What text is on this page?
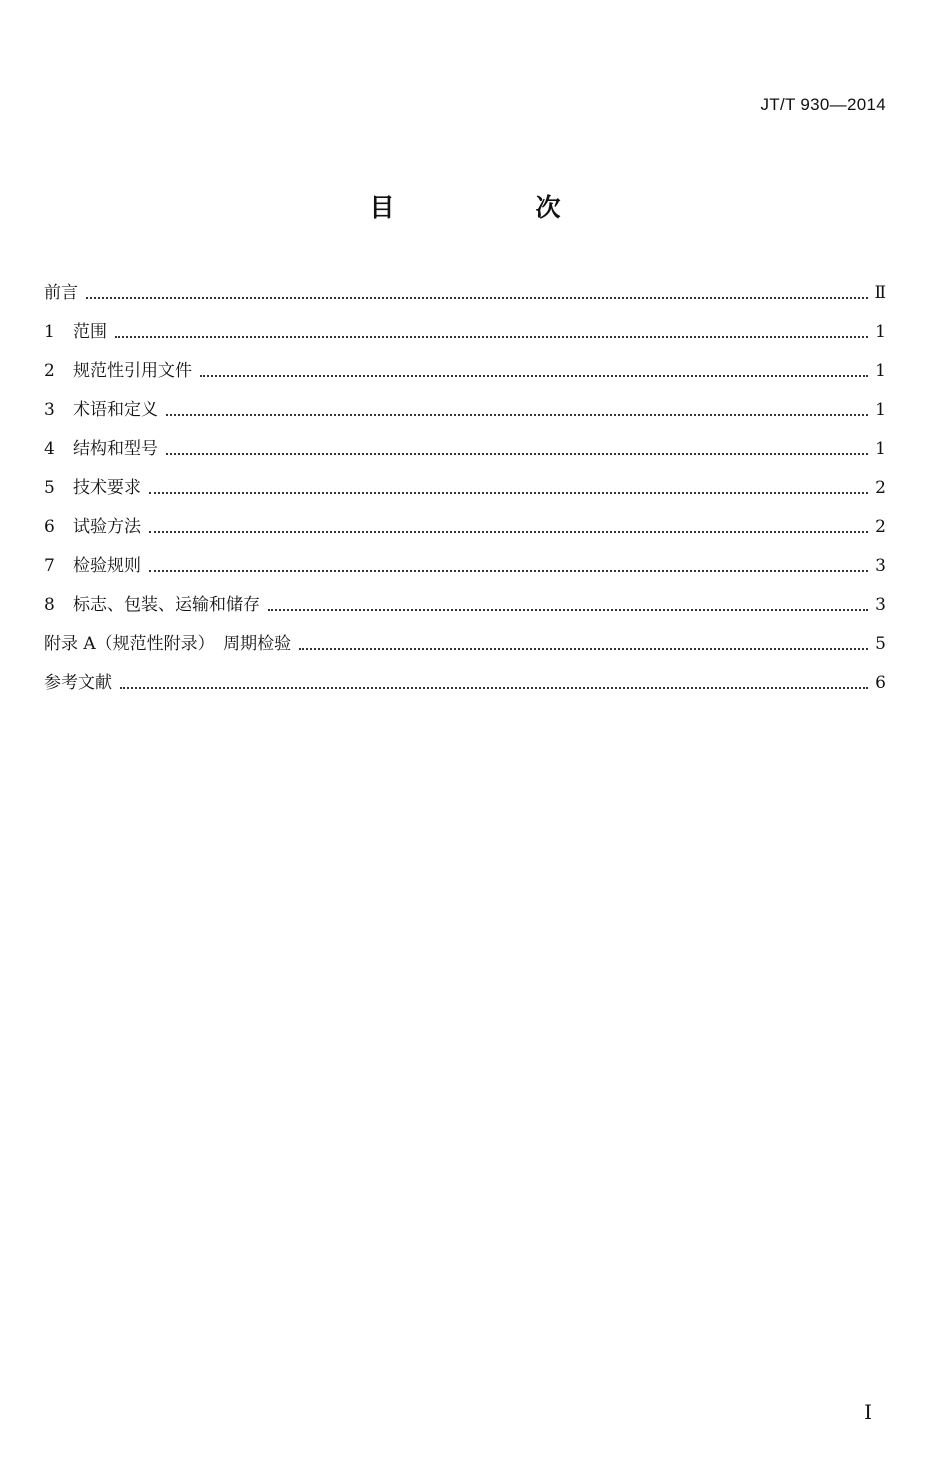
JT/T 930—2014
目　次
前言	Ⅱ
1	范围	1
2	规范性引用文件	1
3	术语和定义	1
4	结构和型号	1
5	技术要求	2
6	试验方法	2
7	检验规则	3
8	标志、包装、运输和储存	3
附录 A（规范性附录）　周期检验	5
参考文献	6
I
